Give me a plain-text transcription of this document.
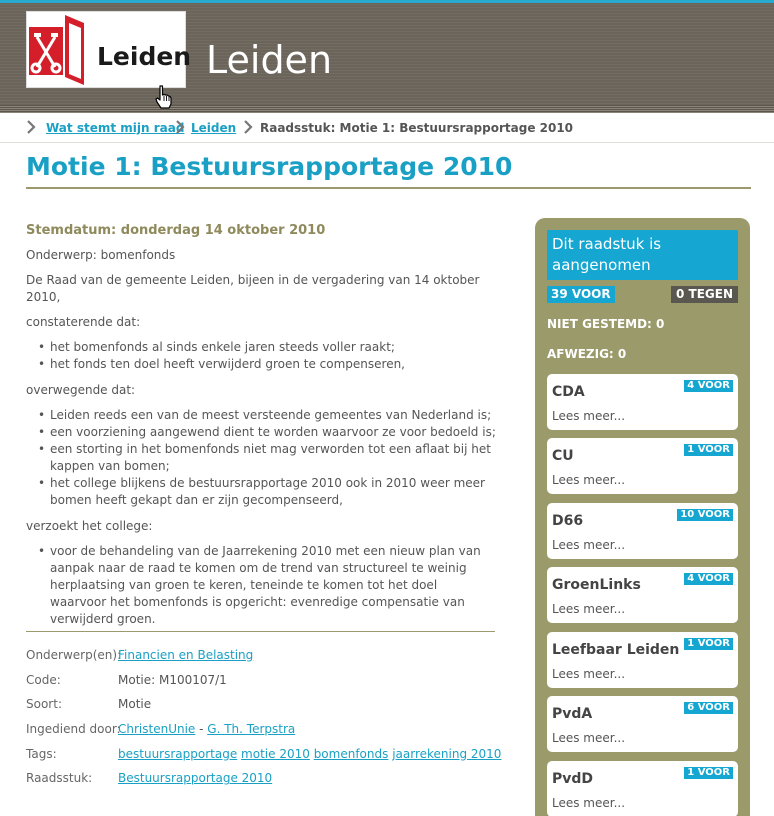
Leiden Leiden
Wat stemt mijn raad Leiden Raadsstuk: Motie 1: Bestuursrapportage 2010
Motie 1: Bestuursrapportage 2010
Stemdatum: donderdag 14 oktober 2010

Onderwerp: bomenfonds

De Raad van de gemeente Leiden, bijeen in de vergadering van 14 oktober 2010,

constaterende dat:

• het bomenfonds al sinds enkele jaren steeds voller raakt;
• het fonds ten doel heeft verwijderd groen te compenseren,

overwegende dat:

• Leiden reeds een van de meest versteende gemeentes van Nederland is;
• een voorziening aangewend dient te worden waarvoor ze voor bedoeld is;
• een storting in het bomenfonds niet mag verworden tot een aflaat bij het kappen van bomen;
• het college blijkens de bestuursrapportage 2010 ook in 2010 weer meer bomen heeft gekapt dan er zijn gecompenseerd,

verzoekt het college:

• voor de behandeling van de Jaarrekening 2010 met een nieuw plan van aanpak naar de raad te komen om de trend van structureel te weinig herplaatsing van groen te keren, teneinde te komen tot het doel waarvoor het bomenfonds is opgericht: evenredige compensatie van verwijderd groen.
Onderwerp(en):
Financien en Belasting
Code:	Motie: M100107/1
Soort:	Motie
Ingediend door:
ChristenUnie - G. Th. Terpstra
Tags:	bestuursrapportage motie 2010 bomenfonds jaarrekening 2010
Raadsstuk: Bestuursrapportage 2010
Dit raadstuk is aangenomen
39 VOOR	0 TEGEN
NIET GESTEMD: 0
AFWEZIG: 0
CDA	4 VOOR
Lees meer...
CU	1 VOOR
Lees meer...
D66	10 VOOR
Lees meer...
GroenLinks	4 VOOR
Lees meer...
Leefbaar Leiden 1 VOOR
Lees meer...
PvdA	6 VOOR
Lees meer...
PvdD	1 VOOR
Lees meer...
